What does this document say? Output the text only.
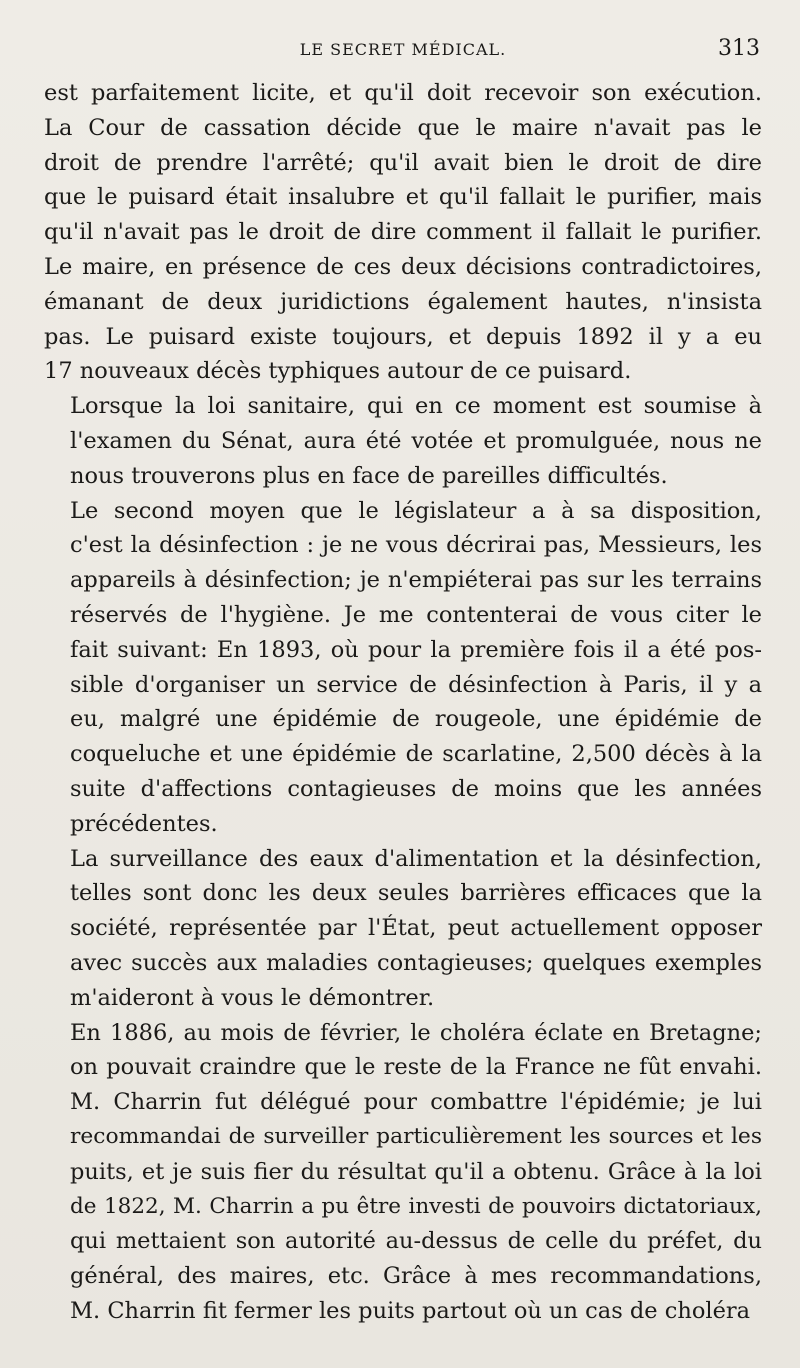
LE SECRET MÉDICAL.	313

est parfaitement licite, et qu'il doit recevoir son exécution.
La Cour de cassation décide que le maire n'avait pas le
droit de prendre l'arrêté; qu'il avait bien le droit de dire
que le puisard était insalubre et qu'il fallait le purifier, mais
qu'il n'avait pas le droit de dire comment il fallait le purifier.
Le maire, en présence de ces deux décisions contradictoires,
émanant de deux juridictions également hautes, n'insista
pas. Le puisard existe toujours, et depuis 1892 il y a eu
17 nouveaux décès typhiques autour de ce puisard.

Lorsque la loi sanitaire, qui en ce moment est soumise à
l'examen du Sénat, aura été votée et promulguée, nous ne
nous trouverons plus en face de pareilles difficultés.

Le second moyen que le législateur a à sa disposition,
c'est la désinfection : je ne vous décrirai pas, Messieurs, les
appareils à désinfection; je n'empiéterai pas sur les terrains
réservés de l'hygiène. Je me contenterai de vous citer le
fait suivant: En 1893, où pour la première fois il a été pos-
sible d'organiser un service de désinfection à Paris, il y a
eu, malgré une épidémie de rougeole, une épidémie de
coqueluche et une épidémie de scarlatine, 2,500 décès à la
suite d'affections contagieuses de moins que les années
précédentes.

La surveillance des eaux d'alimentation et la désinfection,
telles sont donc les deux seules barrières efficaces que la
société, représentée par l'État, peut actuellement opposer
avec succès aux maladies contagieuses; quelques exemples
m'aideront à vous le démontrer.

En 1886, au mois de février, le choléra éclate en Bretagne;
on pouvait craindre que le reste de la France ne fût envahi.
M. Charrin fut délégué pour combattre l'épidémie; je lui
recommandai de surveiller particulièrement les sources et les
puits, et je suis fier du résultat qu'il a obtenu. Grâce à la loi
de 1822, M. Charrin a pu être investi de pouvoirs dictatoriaux,
qui mettaient son autorité au-dessus de celle du préfet, du
général, des maires, etc. Grâce à mes recommandations,
M. Charrin fit fermer les puits partout où un cas de choléra
